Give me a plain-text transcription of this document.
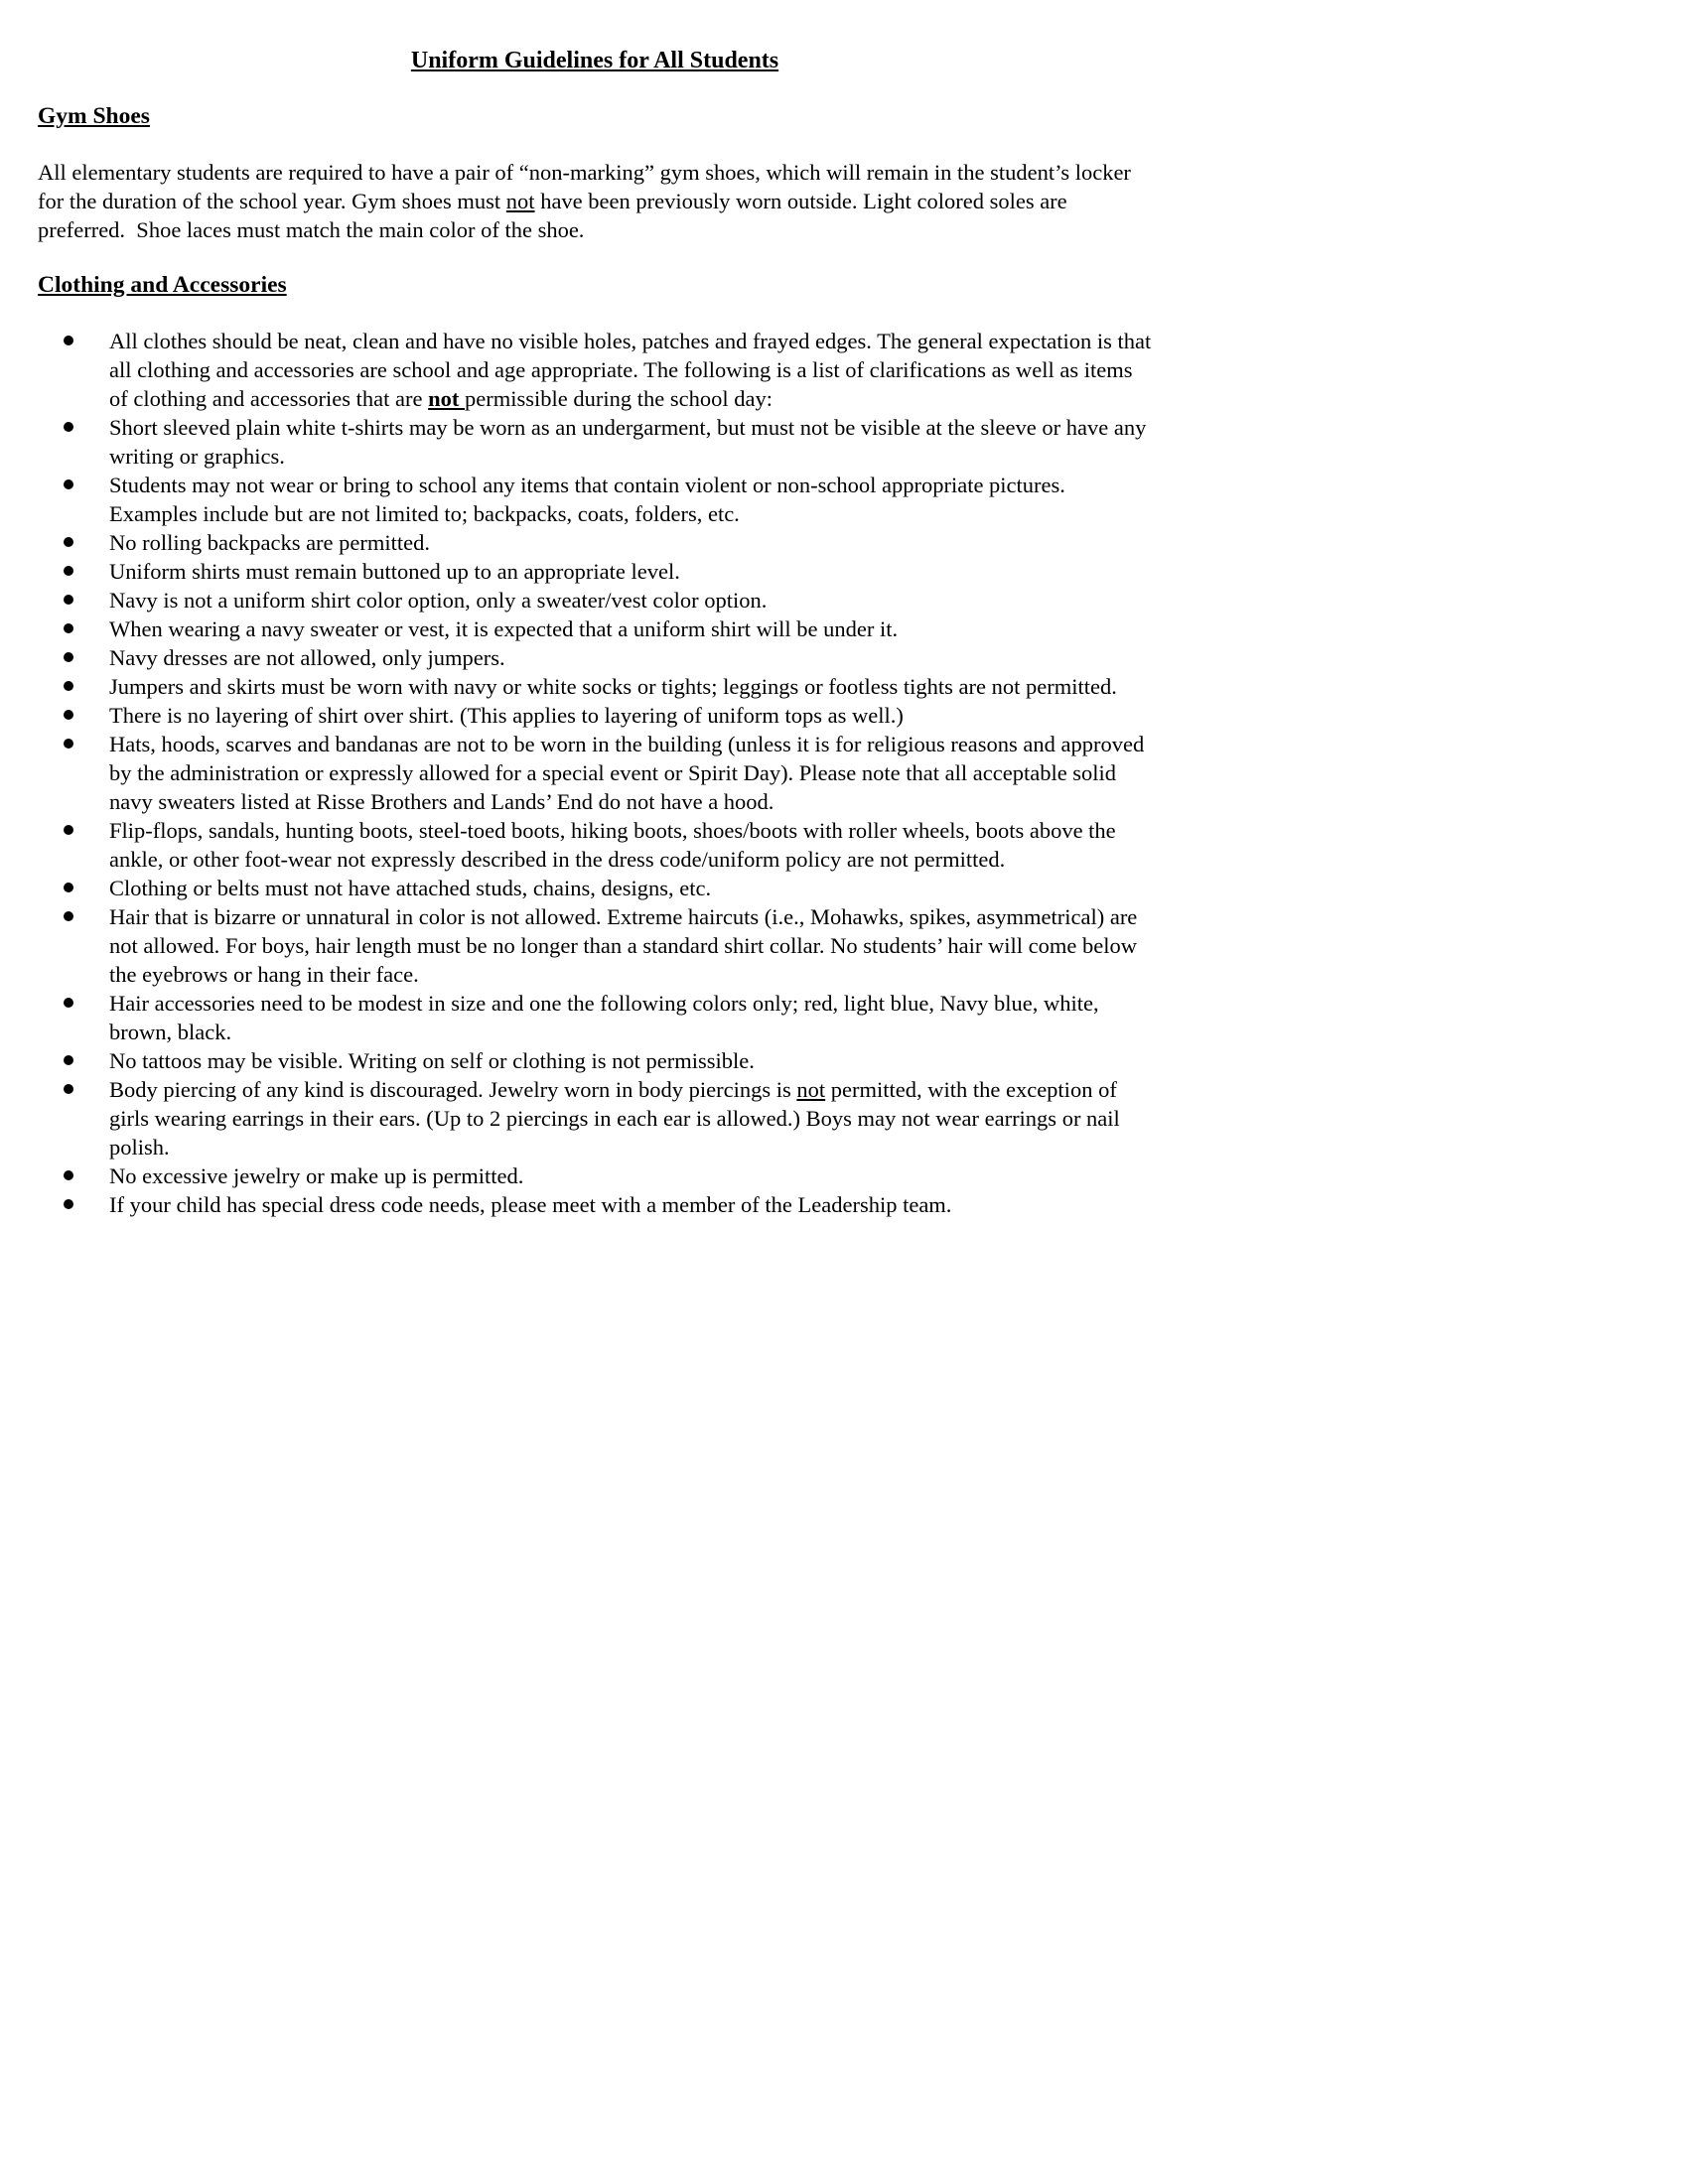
Uniform Guidelines for All Students
Gym Shoes

All elementary students are required to have a pair of “non-marking” gym shoes, which will remain in the student’s locker for the duration of the school year. Gym shoes must not have been previously worn outside. Light colored soles are preferred.  Shoe laces must match the main color of the shoe.

Clothing and Accessories
All clothes should be neat, clean and have no visible holes, patches and frayed edges. The general expectation is that all clothing and accessories are school and age appropriate. The following is a list of clarifications as well as items of clothing and accessories that are not permissible during the school day:
Short sleeved plain white t-shirts may be worn as an undergarment, but must not be visible at the sleeve or have any writing or graphics.
Students may not wear or bring to school any items that contain violent or non-school appropriate pictures. Examples include but are not limited to; backpacks, coats, folders, etc.
No rolling backpacks are permitted.
Uniform shirts must remain buttoned up to an appropriate level.
Navy is not a uniform shirt color option, only a sweater/vest color option.
When wearing a navy sweater or vest, it is expected that a uniform shirt will be under it.
Navy dresses are not allowed, only jumpers.
Jumpers and skirts must be worn with navy or white socks or tights; leggings or footless tights are not permitted.
There is no layering of shirt over shirt. (This applies to layering of uniform tops as well.)
Hats, hoods, scarves and bandanas are not to be worn in the building (unless it is for religious reasons and approved by the administration or expressly allowed for a special event or Spirit Day). Please note that all acceptable solid navy sweaters listed at Risse Brothers and Lands’ End do not have a hood.
Flip-flops, sandals, hunting boots, steel-toed boots, hiking boots, shoes/boots with roller wheels, boots above the ankle, or other foot-wear not expressly described in the dress code/uniform policy are not permitted.
Clothing or belts must not have attached studs, chains, designs, etc.
Hair that is bizarre or unnatural in color is not allowed. Extreme haircuts (i.e., Mohawks, spikes, asymmetrical) are not allowed. For boys, hair length must be no longer than a standard shirt collar. No students’ hair will come below the eyebrows or hang in their face.
Hair accessories need to be modest in size and one the following colors only; red, light blue, Navy blue, white, brown, black.
No tattoos may be visible. Writing on self or clothing is not permissible.
Body piercing of any kind is discouraged. Jewelry worn in body piercings is not permitted, with the exception of girls wearing earrings in their ears. (Up to 2 piercings in each ear is allowed.) Boys may not wear earrings or nail polish.
No excessive jewelry or make up is permitted.
If your child has special dress code needs, please meet with a member of the Leadership team.
